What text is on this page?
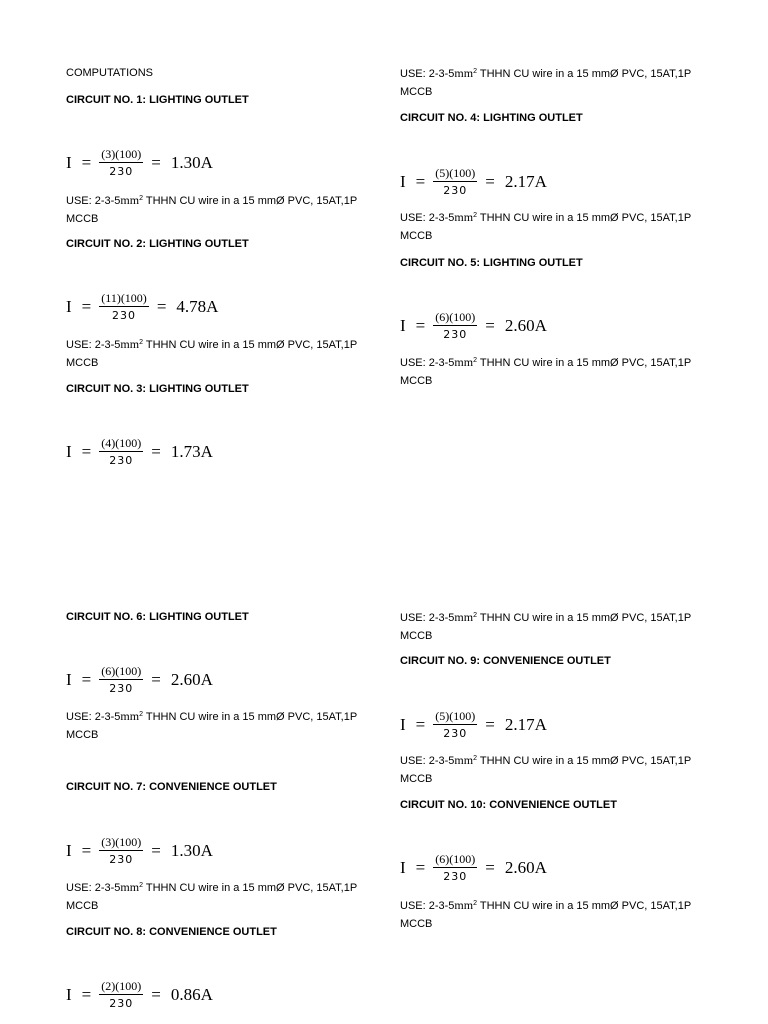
COMPUTATIONS
CIRCUIT NO. 1: LIGHTING OUTLET
$I = \frac{(3)(100)}{230} = 1.30A$
USE: $2-3-5mm^2$ THHN CU wire in a 15 mmØ PVC, 15AT,1P MCCB
CIRCUIT NO. 2: LIGHTING OUTLET
$I = \frac{(11)(100)}{230} = 4.78A$
USE: $2-3-5mm^2$ THHN CU wire in a 15 mmØ PVC, 15AT,1P MCCB
CIRCUIT NO. 3: LIGHTING OUTLET
$I = \frac{(4)(100)}{230} = 1.73A$
USE: $2-3-5mm^2$ THHN CU wire in a 15 mmØ PVC, 15AT,1P MCCB
CIRCUIT NO. 4: LIGHTING OUTLET
$I = \frac{(5)(100)}{230} = 2.17A$
USE: $2-3-5mm^2$ THHN CU wire in a 15 mmØ PVC, 15AT,1P MCCB
CIRCUIT NO. 5: LIGHTING OUTLET
$I = \frac{(6)(100)}{230} = 2.60A$
USE: $2-3-5mm^2$ THHN CU wire in a 15 mmØ PVC, 15AT,1P MCCB
CIRCUIT NO. 6: LIGHTING OUTLET
$I = \frac{(6)(100)}{230} = 2.60A$
USE: $2-3-5mm^2$ THHN CU wire in a 15 mmØ PVC, 15AT,1P MCCB
CIRCUIT NO. 7: CONVENIENCE OUTLET
$I = \frac{(3)(100)}{230} = 1.30A$
USE: $2-3-5mm^2$ THHN CU wire in a 15 mmØ PVC, 15AT,1P MCCB
CIRCUIT NO. 8: CONVENIENCE OUTLET
$I = \frac{(2)(100)}{230} = 0.86A$
USE: $2-3-5mm^2$ THHN CU wire in a 15 mmØ PVC, 15AT,1P MCCB
CIRCUIT NO. 9: CONVENIENCE OUTLET
$I = \frac{(5)(100)}{230} = 2.17A$
USE: $2-3-5mm^2$ THHN CU wire in a 15 mmØ PVC, 15AT,1P MCCB
CIRCUIT NO. 10: CONVENIENCE OUTLET
$I = \frac{(6)(100)}{230} = 2.60A$
USE: $2-3-5mm^2$ THHN CU wire in a 15 mmØ PVC, 15AT,1P MCCB
